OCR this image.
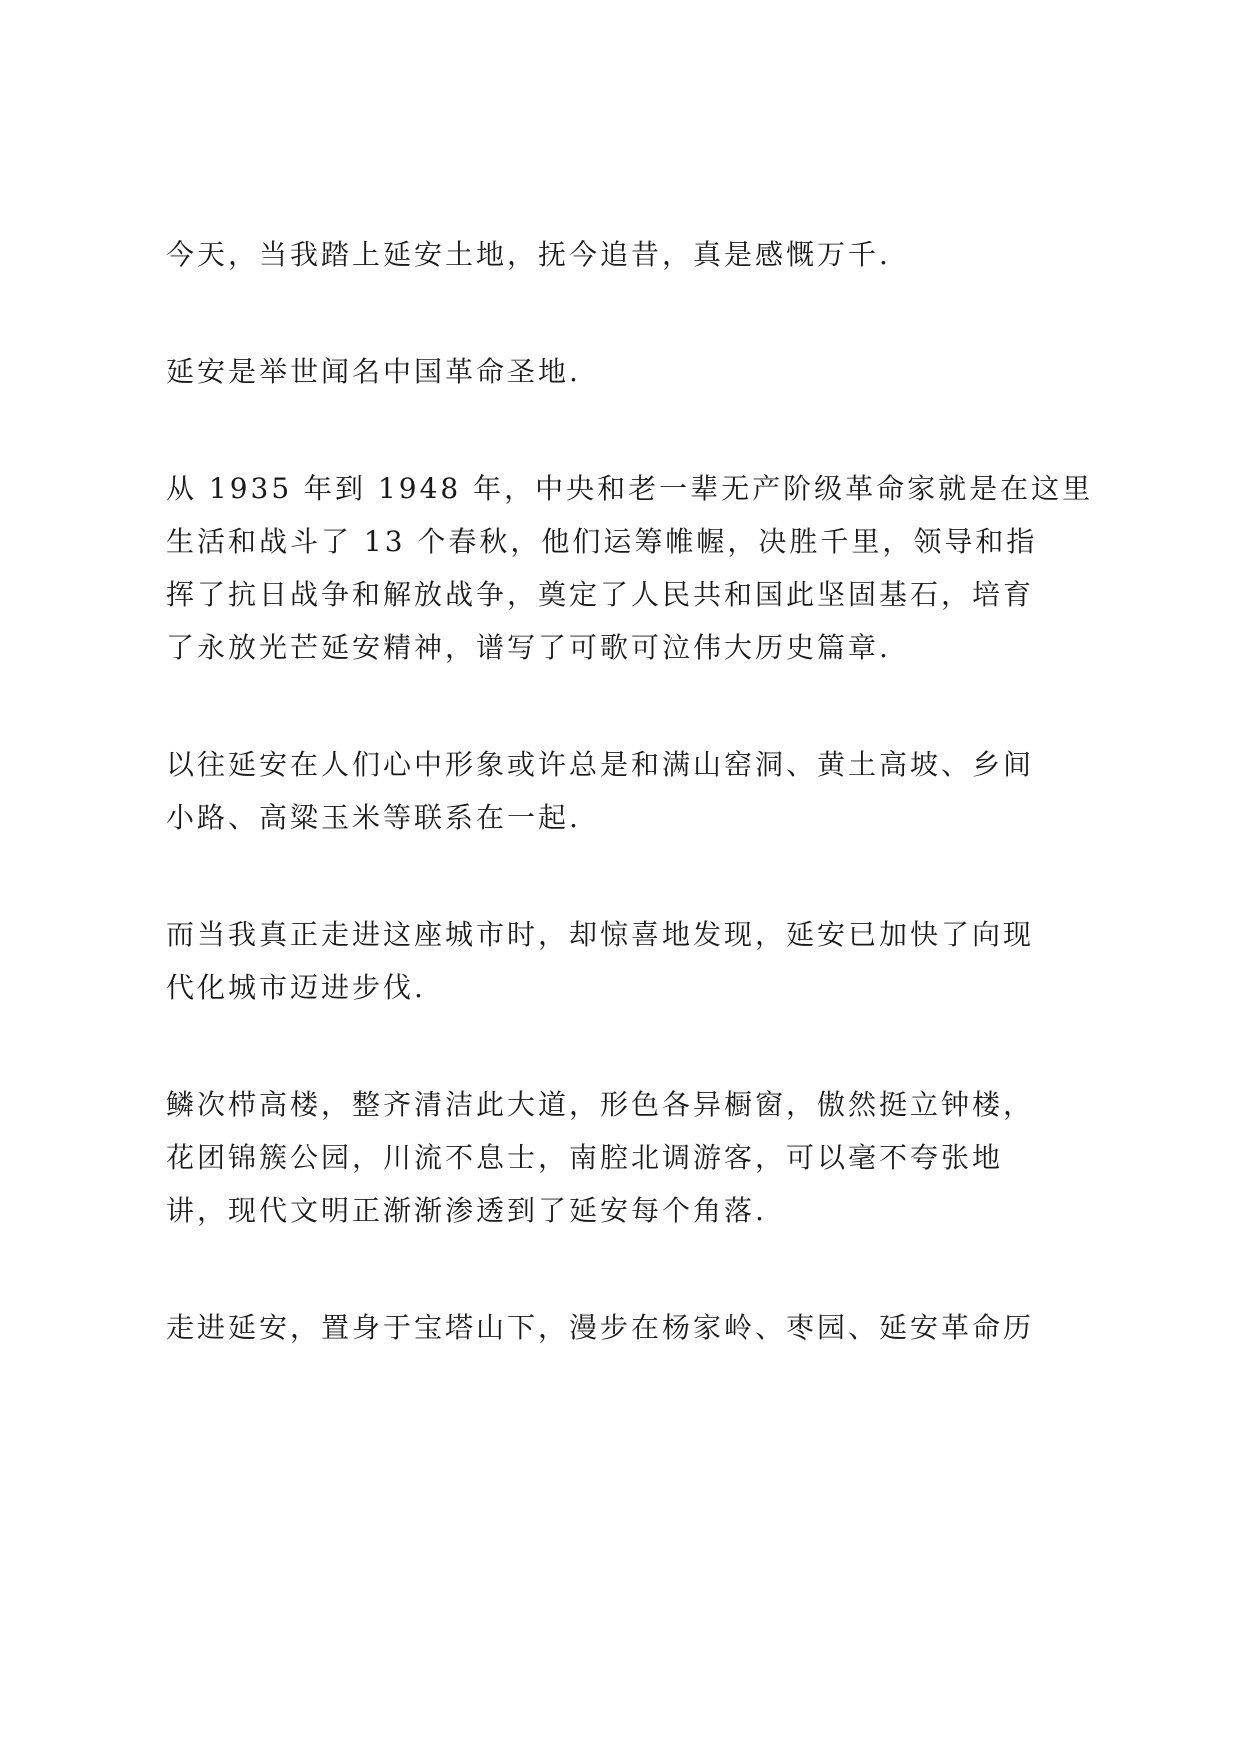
今天，当我踏上延安土地，抚今追昔，真是感慨万千.

延安是举世闻名中国革命圣地.

从 1935 年到 1948 年，中央和老一辈无产阶级革命家就是在这里
生活和战斗了 13 个春秋，他们运筹帷幄，决胜千里，领导和指
挥了抗日战争和解放战争，奠定了人民共和国此坚固基石，培育
了永放光芒延安精神，谱写了可歌可泣伟大历史篇章.

以往延安在人们心中形象或许总是和满山窑洞、黄土高坡、乡间
小路、高粱玉米等联系在一起.

而当我真正走进这座城市时，却惊喜地发现，延安已加快了向现
代化城市迈进步伐.

鳞次栉高楼，整齐清洁此大道，形色各异橱窗，傲然挺立钟楼，
花团锦簇公园，川流不息士，南腔北调游客，可以毫不夸张地
讲，现代文明正渐渐渗透到了延安每个角落.

走进延安，置身于宝塔山下，漫步在杨家岭、枣园、延安革命历
